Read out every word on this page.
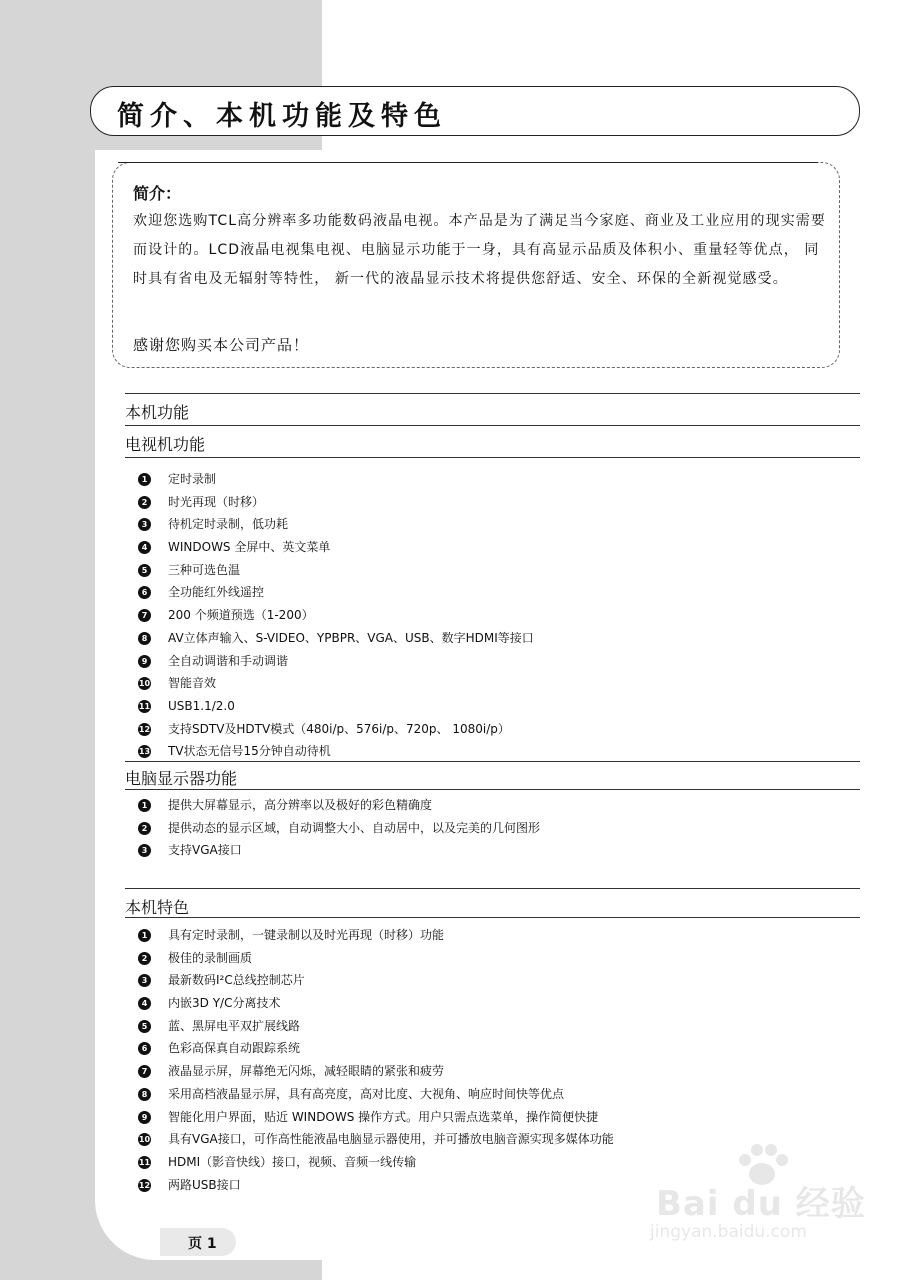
简介、本机功能及特色
简介：
欢迎您选购TCL高分辨率多功能数码液晶电视。本产品是为了满足当今家庭、商业及工业应用的现实需要而设计的。LCD液晶电视集电视、电脑显示功能于一身，具有高显示品质及体积小、重量轻等优点， 同时具有省电及无辐射等特性， 新一代的液晶显示技术将提供您舒适、安全、环保的全新视觉感受。
感谢您购买本公司产品！
本机功能
电视机功能
1	定时录制
2	时光再现（时移）
3	待机定时录制，低功耗
4	WINDOWS 全屏中、英文菜单
5	三种可选色温
6	全功能红外线遥控
7	200 个频道预选（1-200）
8	AV立体声输入、S-VIDEO、YPBPR、VGA、USB、数字HDMI等接口
9	全自动调谐和手动调谐
10 智能音效
11 USB1.1/2.0
12 支持SDTV及HDTV模式（480i/p、576i/p、720p、 1080i/p）
13 TV状态无信号15分钟自动待机
电脑显示器功能
1	提供大屏幕显示，高分辨率以及极好的彩色精确度
2	提供动态的显示区域，自动调整大小、自动居中，以及完美的几何图形
3	支持VGA接口
本机特色
1	具有定时录制，一键录制以及时光再现（时移）功能
2	极佳的录制画质
3	最新数码I²C总线控制芯片
4	内嵌3D Y/C分离技术
5	蓝、黑屏电平双扩展线路
6	色彩高保真自动跟踪系统
7	液晶显示屏，屏幕绝无闪烁，减轻眼睛的紧张和疲劳
8	采用高档液晶显示屏，具有高亮度，高对比度、大视角、响应时间快等优点
9	智能化用户界面，贴近 WINDOWS 操作方式。用户只需点选菜单，操作简便快捷
10 具有VGA接口，可作高性能液晶电脑显示器使用，并可播放电脑音源实现多媒体功能
11 HDMI（影音快线）接口，视频、音频一线传输
12 两路USB接口
页 1
Bai du 经验
jingyan.baidu.com
